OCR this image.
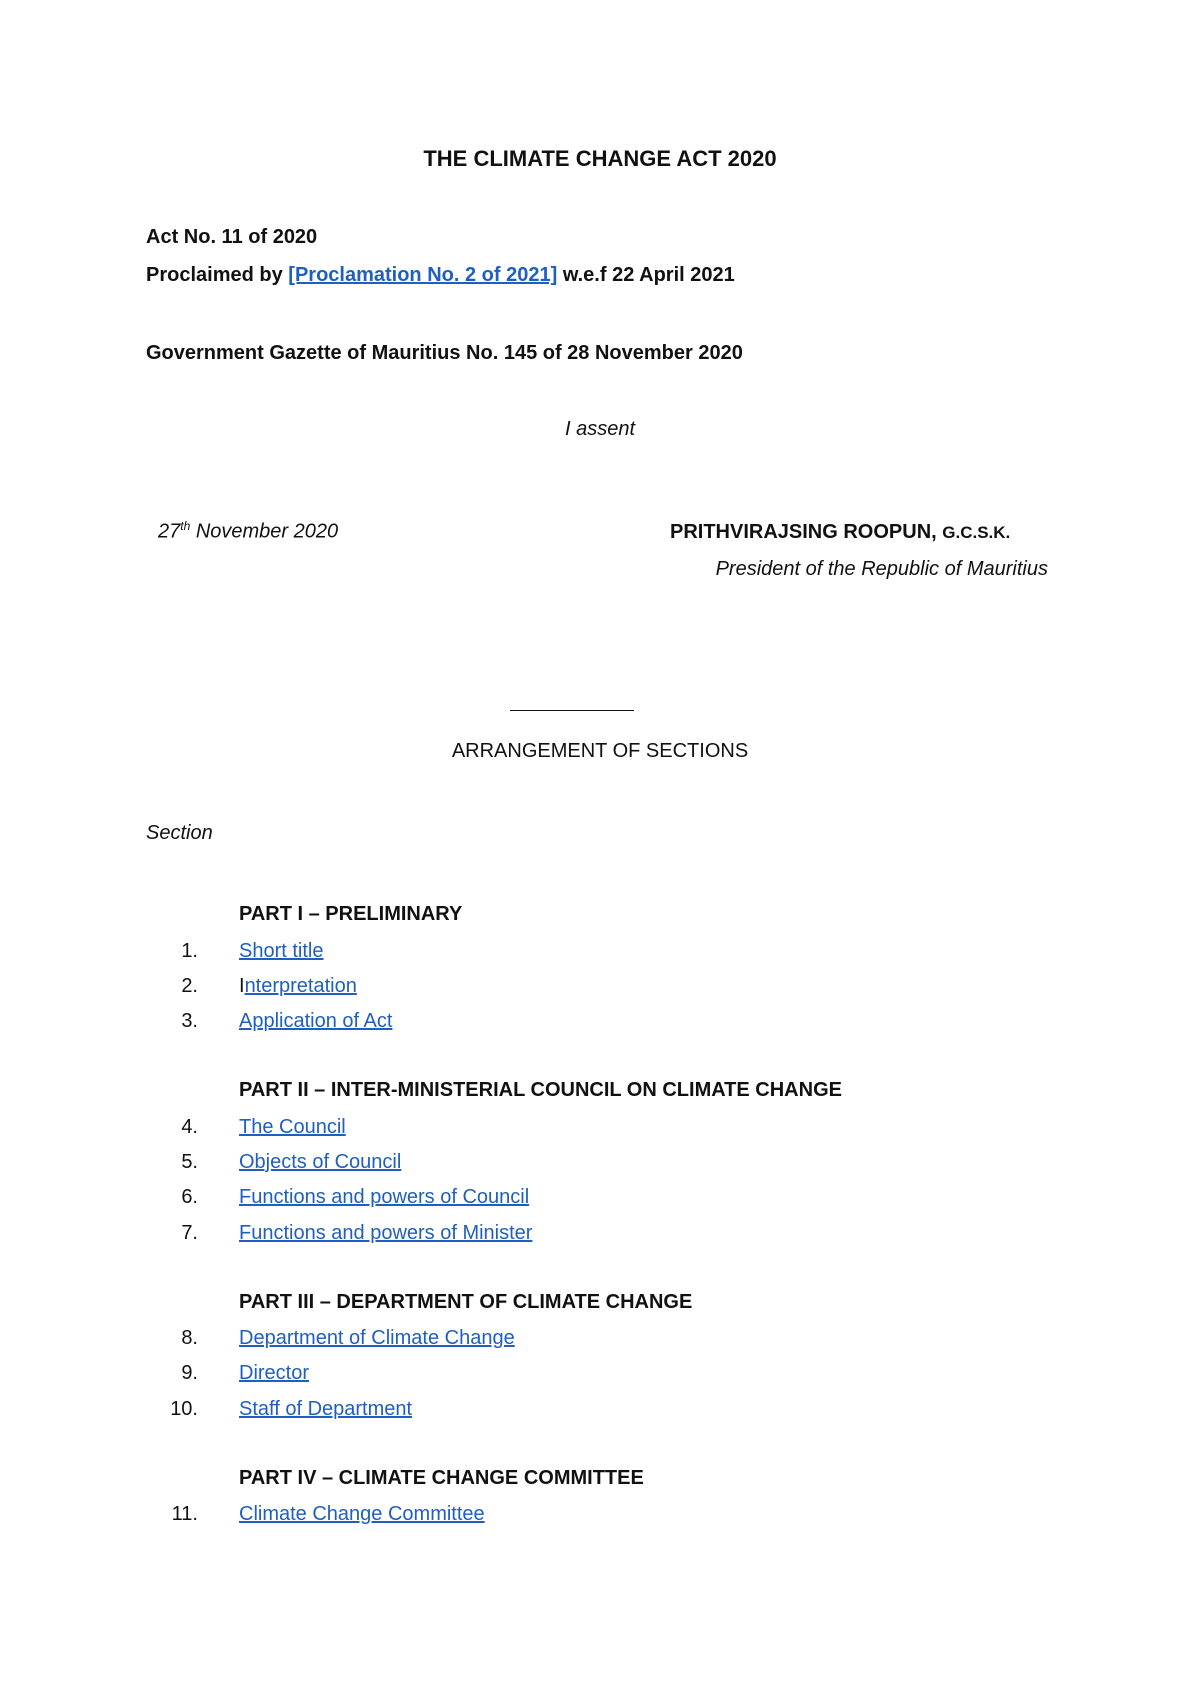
THE CLIMATE CHANGE ACT 2020
Act No. 11 of 2020
Proclaimed by [Proclamation No. 2 of 2021] w.e.f 22 April 2021
Government Gazette of Mauritius No. 145 of 28 November 2020
I assent
27th November 2020	PRITHVIRAJSING ROOPUN, G.C.S.K.
President of the Republic of Mauritius
ARRANGEMENT OF SECTIONS
Section
PART I – PRELIMINARY
1. Short title
2. Interpretation
3. Application of Act
PART II – INTER-MINISTERIAL COUNCIL ON CLIMATE CHANGE
4. The Council
5. Objects of Council
6. Functions and powers of Council
7. Functions and powers of Minister
PART III – DEPARTMENT OF CLIMATE CHANGE
8. Department of Climate Change
9. Director
10. Staff of Department
PART IV – CLIMATE CHANGE COMMITTEE
11. Climate Change Committee
